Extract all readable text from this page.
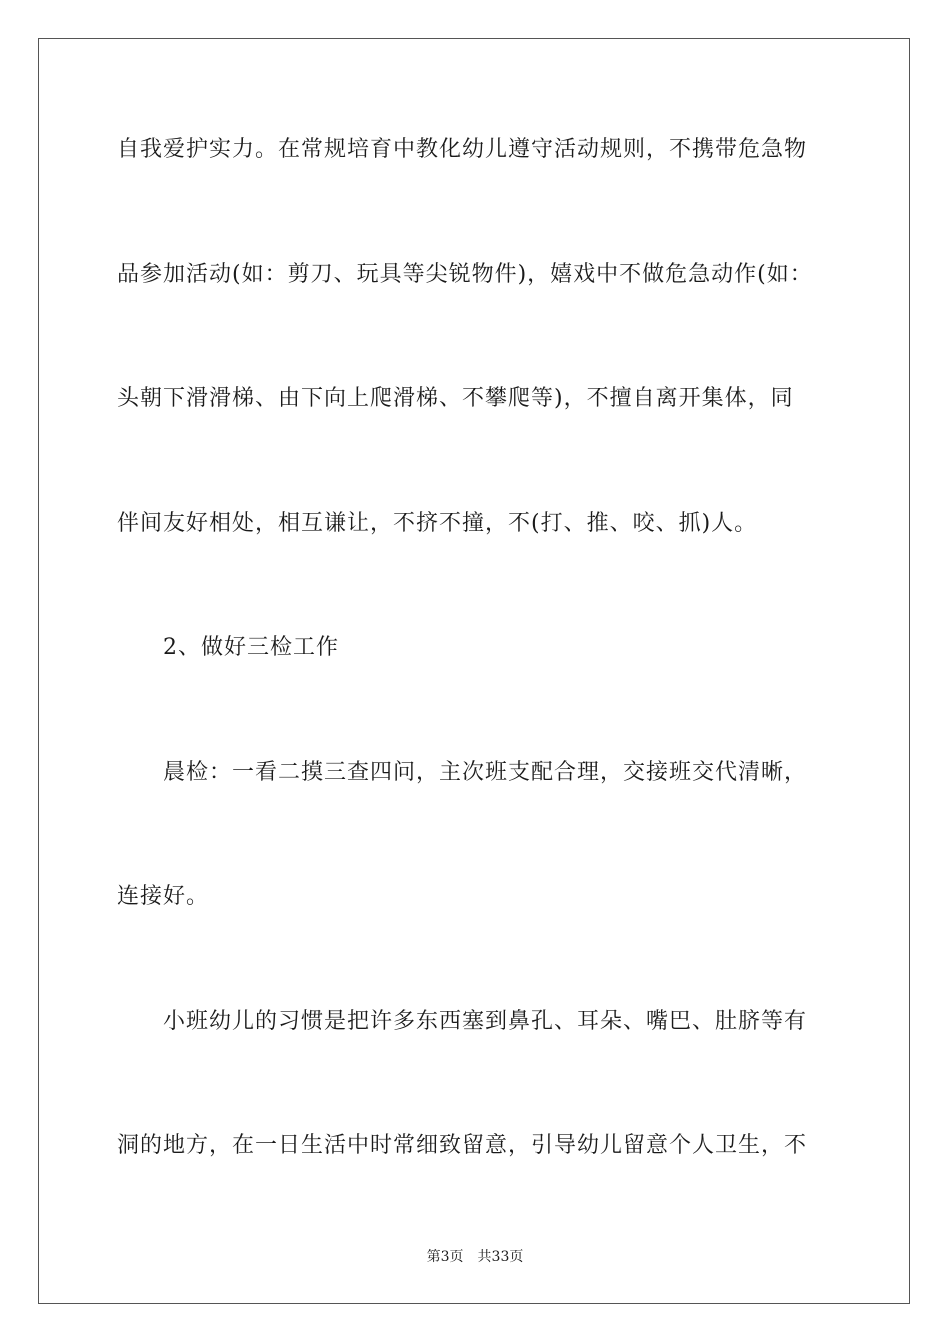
自我爱护实力。在常规培育中教化幼儿遵守活动规则，不携带危急物
品参加活动(如：剪刀、玩具等尖锐物件)，嬉戏中不做危急动作(如：
头朝下滑滑梯、由下向上爬滑梯、不攀爬等)，不擅自离开集体，同
伴间友好相处，相互谦让，不挤不撞，不(打、推、咬、抓)人。
2、做好三检工作
晨检：一看二摸三查四问，主次班支配合理，交接班交代清晰，
连接好。
小班幼儿的习惯是把许多东西塞到鼻孔、耳朵、嘴巴、肚脐等有
洞的地方，在一日生活中时常细致留意，引导幼儿留意个人卫生，不
第3页 共33页
